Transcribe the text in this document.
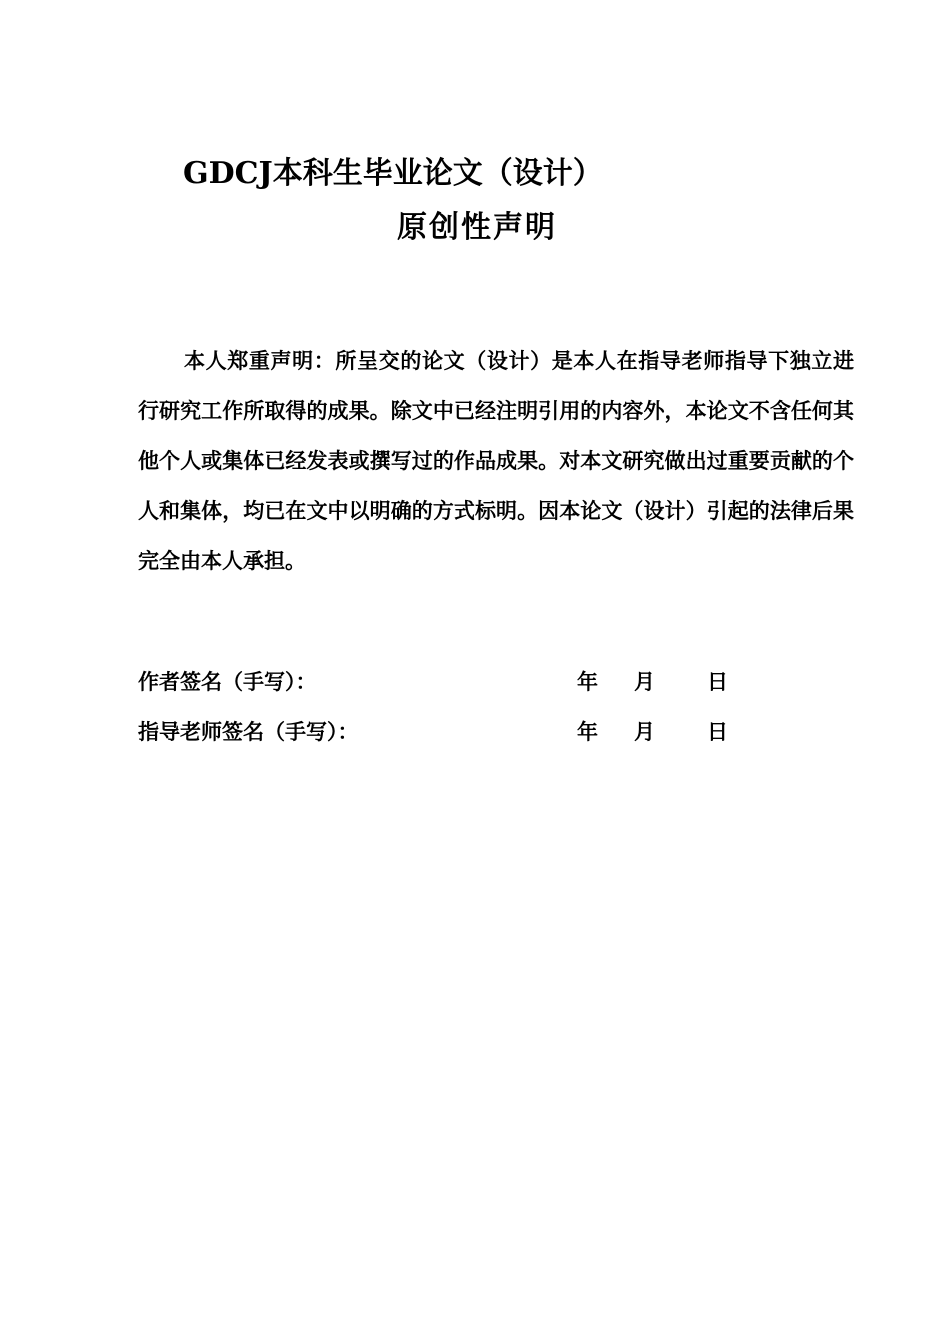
GDCJ本科生毕业论文（设计）
原创性声明

本人郑重声明：所呈交的论文（设计）是本人在指导老师指导下独立进行研究工作所取得的成果。除文中已经注明引用的内容外，本论文不含任何其他个人或集体已经发表或撰写过的作品成果。对本文研究做出过重要贡献的个人和集体，均已在文中以明确的方式标明。因本论文（设计）引起的法律后果完全由本人承担。

作者签名（手写）：	年 月 日
指导老师签名（手写）：	年 月 日
